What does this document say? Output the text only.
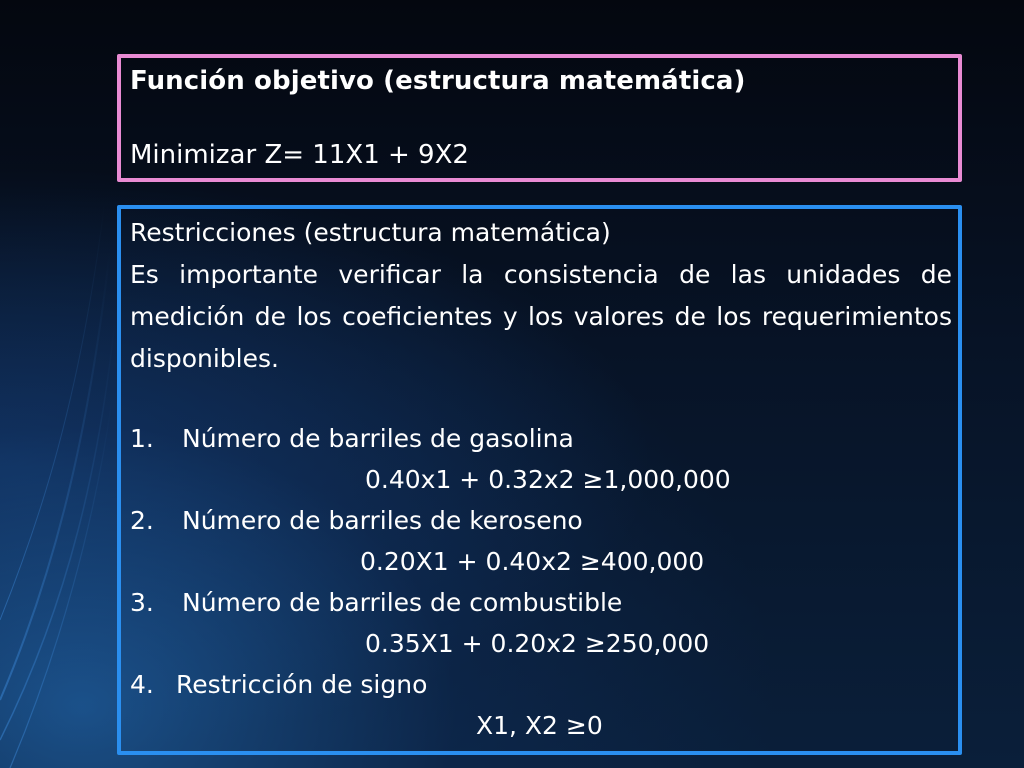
Función objetivo (estructura matemática)
Minimizar Z= 11X1 + 9X2
Restricciones (estructura matemática)
Es importante verificar la consistencia de las unidades de medición de los coeficientes y los valores de los requerimientos disponibles.
1. Número de barriles de gasolina
0.40x1 + 0.32x2 ≥1,000,000
2. Número de barriles de keroseno
0.20X1 + 0.40x2 ≥400,000
3. Número de barriles de combustible
0.35X1 + 0.20x2 ≥250,000
4. Restricción de signo
X1, X2 ≥0
